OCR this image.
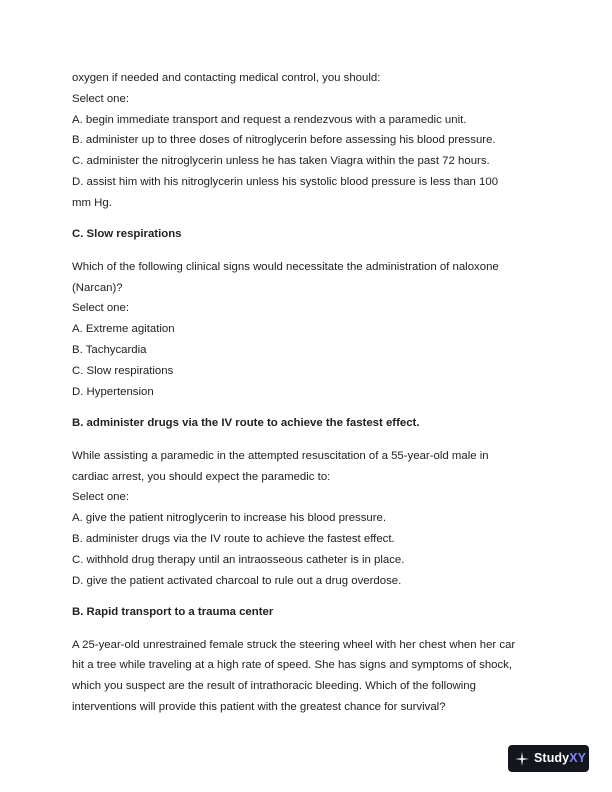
oxygen if needed and contacting medical control, you should:
Select one:
A. begin immediate transport and request a rendezvous with a paramedic unit.
B. administer up to three doses of nitroglycerin before assessing his blood pressure.
C. administer the nitroglycerin unless he has taken Viagra within the past 72 hours.
D. assist him with his nitroglycerin unless his systolic blood pressure is less than 100
mm Hg.
C. Slow respirations
Which of the following clinical signs would necessitate the administration of naloxone
(Narcan)?
Select one:
A. Extreme agitation
B. Tachycardia
C. Slow respirations
D. Hypertension
B. administer drugs via the IV route to achieve the fastest effect.
While assisting a paramedic in the attempted resuscitation of a 55-year-old male in
cardiac arrest, you should expect the paramedic to:
Select one:
A. give the patient nitroglycerin to increase his blood pressure.
B. administer drugs via the IV route to achieve the fastest effect.
C. withhold drug therapy until an intraosseous catheter is in place.
D. give the patient activated charcoal to rule out a drug overdose.
B. Rapid transport to a trauma center
A 25-year-old unrestrained female struck the steering wheel with her chest when her car
hit a tree while traveling at a high rate of speed. She has signs and symptoms of shock,
which you suspect are the result of intrathoracic bleeding. Which of the following
interventions will provide this patient with the greatest chance for survival?
StudyXY
